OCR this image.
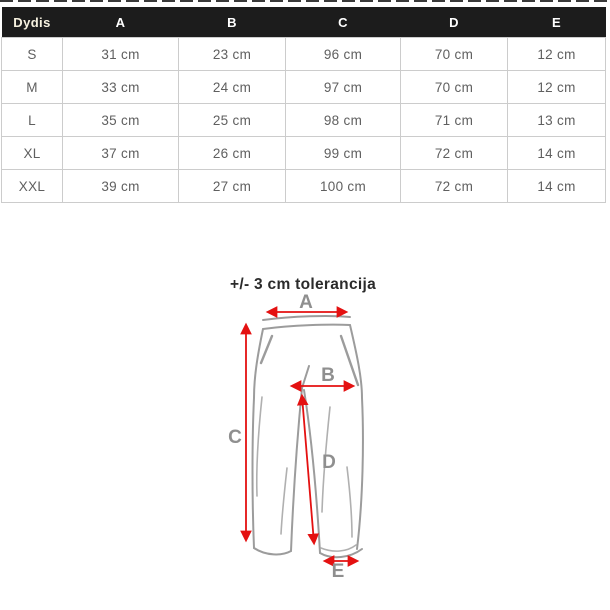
Dydis	A	B	C	D	E
S	31 cm	23 cm	96 cm	70 cm	12 cm
M	33 cm	24 cm	97 cm	70 cm	12 cm
L	35 cm	25 cm	98 cm	71 cm	13 cm
XL	37 cm	26 cm	99 cm	72 cm	14 cm
XXL	39 cm	27 cm	100 cm	72 cm	14 cm
+/- 3 cm tolerancija
A
B
C
D
E
